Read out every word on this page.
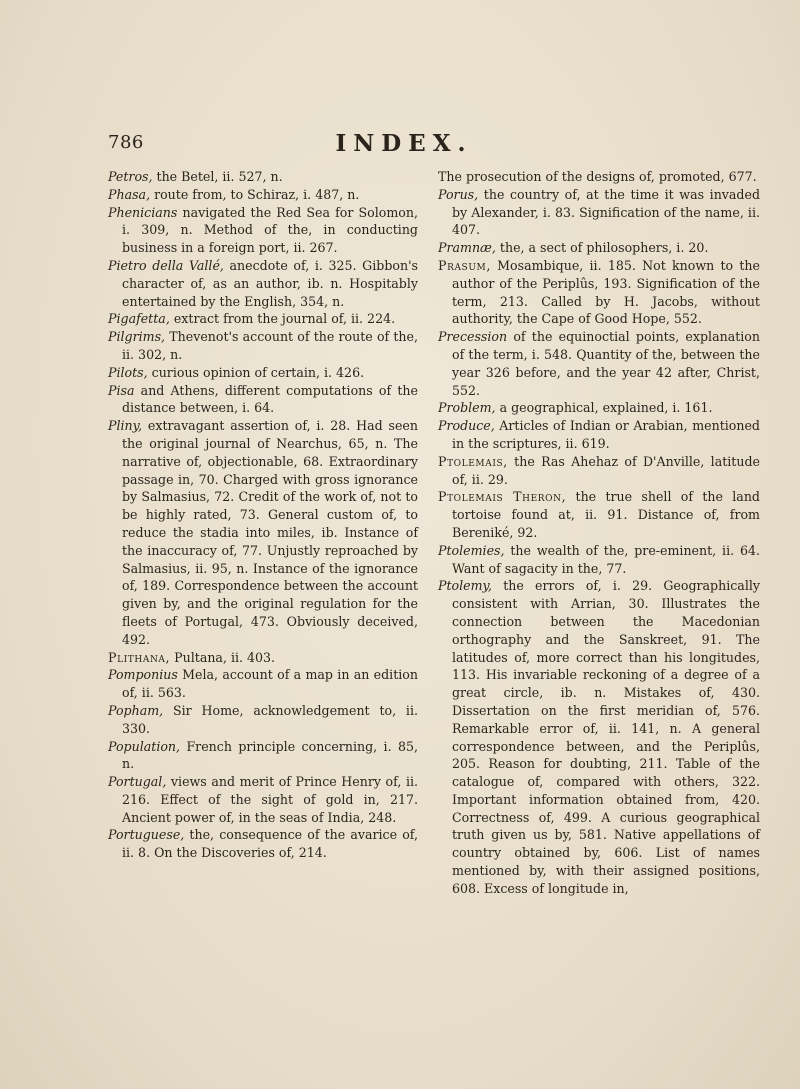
786	INDEX.
Petros, the Betel, ii. 527, n.
Phasa, route from, to Schiraz, i. 487, n.
Phenicians navigated the Red Sea for Solomon, i. 309, n. Method of the, in conducting business in a foreign port, ii. 267.
Pietro della Vallé, anecdote of, i. 325. Gibbon's character of, as an author, ib. n. Hospitably entertained by the English, 354, n.
Pigafetta, extract from the journal of, ii. 224.
Pilgrims, Thevenot's account of the route of the, ii. 302, n.
Pilots, curious opinion of certain, i. 426.
Pisa and Athens, different computations of the distance between, i. 64.
Pliny, extravagant assertion of, i. 28. Had seen the original journal of Nearchus, 65, n. The narrative of, objectionable, 68. Extraordinary passage in, 70. Charged with gross ignorance by Salmasius, 72. Credit of the work of, not to be highly rated, 73. General custom of, to reduce the stadia into miles, ib. Instance of the inaccuracy of, 77. Unjustly reproached by Salmasius, ii. 95, n. Instance of the ignorance of, 189. Correspondence between the account given by, and the original regulation for the fleets of Portugal, 473. Obviously deceived, 492.
Plithana, Pultana, ii. 403.
Pomponius Mela, account of a map in an edition of, ii. 563.
Popham, Sir Home, acknowledgement to, ii. 330.
Population, French principle concerning, i. 85, n.
Portugal, views and merit of Prince Henry of, ii. 216. Effect of the sight of gold in, 217. Ancient power of, in the seas of India, 248.
Portuguese, the, consequence of the avarice of, ii. 8. On the Discoveries of, 214.
The prosecution of the designs of, promoted, 677.
Porus, the country of, at the time it was invaded by Alexander, i. 83. Signification of the name, ii. 407.
Pramnæ, the, a sect of philosophers, i. 20.
Prasum, Mosambique, ii. 185. Not known to the author of the Periplûs, 193. Signification of the term, 213. Called by H. Jacobs, without authority, the Cape of Good Hope, 552.
Precession of the equinoctial points, explanation of the term, i. 548. Quantity of the, between the year 326 before, and the year 42 after, Christ, 552.
Problem, a geographical, explained, i. 161.
Produce, Articles of Indian or Arabian, mentioned in the scriptures, ii. 619.
Ptolemais, the Ras Ahehaz of D'Anville, latitude of, ii. 29.
Ptolemais Theron, the true shell of the land tortoise found at, ii. 91. Distance of, from Bereniké, 92.
Ptolemies, the wealth of the, pre-eminent, ii. 64. Want of sagacity in the, 77.
Ptolemy, the errors of, i. 29. Geographically consistent with Arrian, 30. Illustrates the connection between the Macedonian orthography and the Sanskreet, 91. The latitudes of, more correct than his longitudes, 113. His invariable reckoning of a degree of a great circle, ib. n. Mistakes of, 430. Dissertation on the first meridian of, 576. Remarkable error of, ii. 141, n. A general correspondence between, and the Periplûs, 205. Reason for doubting, 211. Table of the catalogue of, compared with others, 322. Important information obtained from, 420. Correctness of, 499. A curious geographical truth given us by, 581. Native appellations of country obtained by, 606. List of names mentioned by, with their assigned positions, 608. Excess of longitude in,
